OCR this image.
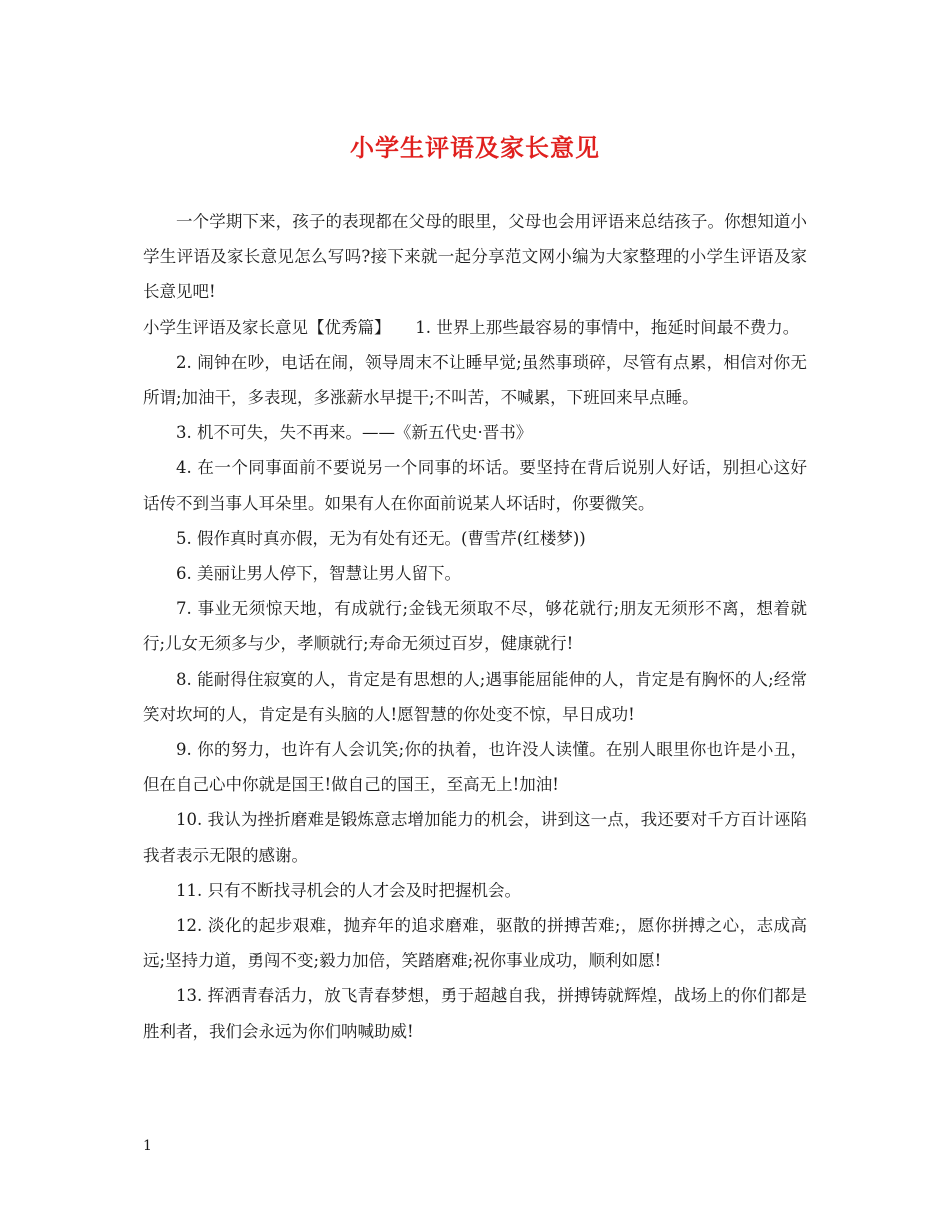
小学生评语及家长意见

一个学期下来，孩子的表现都在父母的眼里，父母也会用评语来总结孩子。你想知道小学生评语及家长意见怎么写吗?接下来就一起分享范文网小编为大家整理的小学生评语及家长意见吧!

小学生评语及家长意见【优秀篇】　　1. 世界上那些最容易的事情中，拖延时间最不费力。

2. 闹钟在吵，电话在闹，领导周末不让睡早觉;虽然事琐碎，尽管有点累，相信对你无所谓;加油干，多表现，多涨薪水早提干;不叫苦，不喊累，下班回来早点睡。

3. 机不可失，失不再来。——《新五代史·晋书》

4. 在一个同事面前不要说另一个同事的坏话。要坚持在背后说别人好话，别担心这好话传不到当事人耳朵里。如果有人在你面前说某人坏话时，你要微笑。

5. 假作真时真亦假，无为有处有还无。(曹雪芹(红楼梦))

6. 美丽让男人停下，智慧让男人留下。

7. 事业无须惊天地，有成就行;金钱无须取不尽，够花就行;朋友无须形不离，想着就行;儿女无须多与少，孝顺就行;寿命无须过百岁，健康就行!

8. 能耐得住寂寞的人，肯定是有思想的人;遇事能屈能伸的人，肯定是有胸怀的人;经常笑对坎坷的人，肯定是有头脑的人!愿智慧的你处变不惊，早日成功!

9. 你的努力，也许有人会讥笑;你的执着，也许没人读懂。在别人眼里你也许是小丑，但在自己心中你就是国王!做自己的国王，至高无上!加油!

10. 我认为挫折磨难是锻炼意志增加能力的机会，讲到这一点，我还要对千方百计诬陷我者表示无限的感谢。

11. 只有不断找寻机会的人才会及时把握机会。

12. 淡化的起步艰难，抛弃年的追求磨难，驱散的拼搏苦难;，愿你拼搏之心，志成高远;坚持力道，勇闯不变;毅力加倍，笑踏磨难;祝你事业成功，顺利如愿!

13. 挥洒青春活力，放飞青春梦想，勇于超越自我，拼搏铸就辉煌，战场上的你们都是胜利者，我们会永远为你们呐喊助威!

1
